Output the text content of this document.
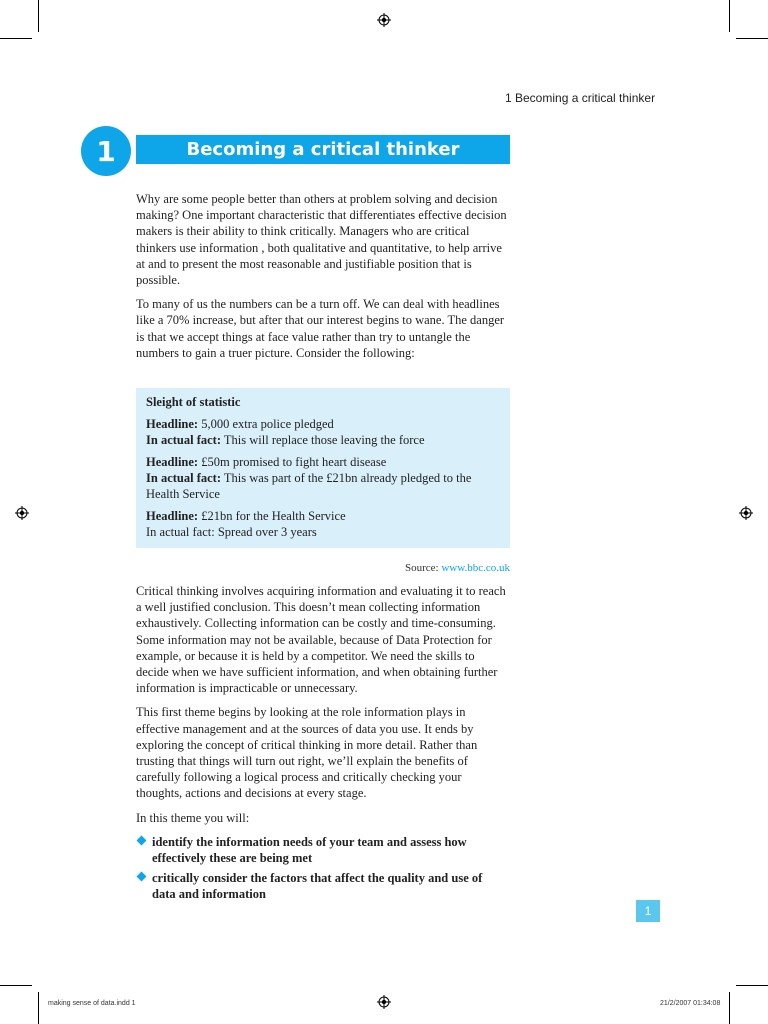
1 Becoming a critical thinker
1	Becoming a critical thinker

Why are some people better than others at problem solving and decision making? One important characteristic that differentiates effective decision makers is their ability to think critically. Managers who are critical thinkers use information , both qualitative and quantitative, to help arrive at and to present the most reasonable and justifiable position that is possible.

To many of us the numbers can be a turn off. We can deal with headlines like a 70% increase, but after that our interest begins to wane. The danger is that we accept things at face value rather than try to untangle the numbers to gain a truer picture. Consider the following:

Sleight of statistic
Headline: 5,000 extra police pledged
In actual fact: This will replace those leaving the force
Headline: £50m promised to fight heart disease
In actual fact: This was part of the £21bn already pledged to the Health Service
Headline: £21bn for the Health Service
In actual fact: Spread over 3 years
Source: www.bbc.co.uk

Critical thinking involves acquiring information and evaluating it to reach a well justified conclusion. This doesn’t mean collecting information exhaustively. Collecting information can be costly and time-consuming. Some information may not be available, because of Data Protection for example, or because it is held by a competitor. We need the skills to decide when we have sufficient information, and when obtaining further information is impracticable or unnecessary.

This first theme begins by looking at the role information plays in effective management and at the sources of data you use. It ends by exploring the concept of critical thinking in more detail. Rather than trusting that things will turn out right, we’ll explain the benefits of carefully following a logical process and critically checking your thoughts, actions and decisions at every stage.

In this theme you will:

identify the information needs of your team and assess how effectively these are being met
critically consider the factors that affect the quality and use of data and information
1
making sense of data.indd 1	21/2/2007 01:34:08
